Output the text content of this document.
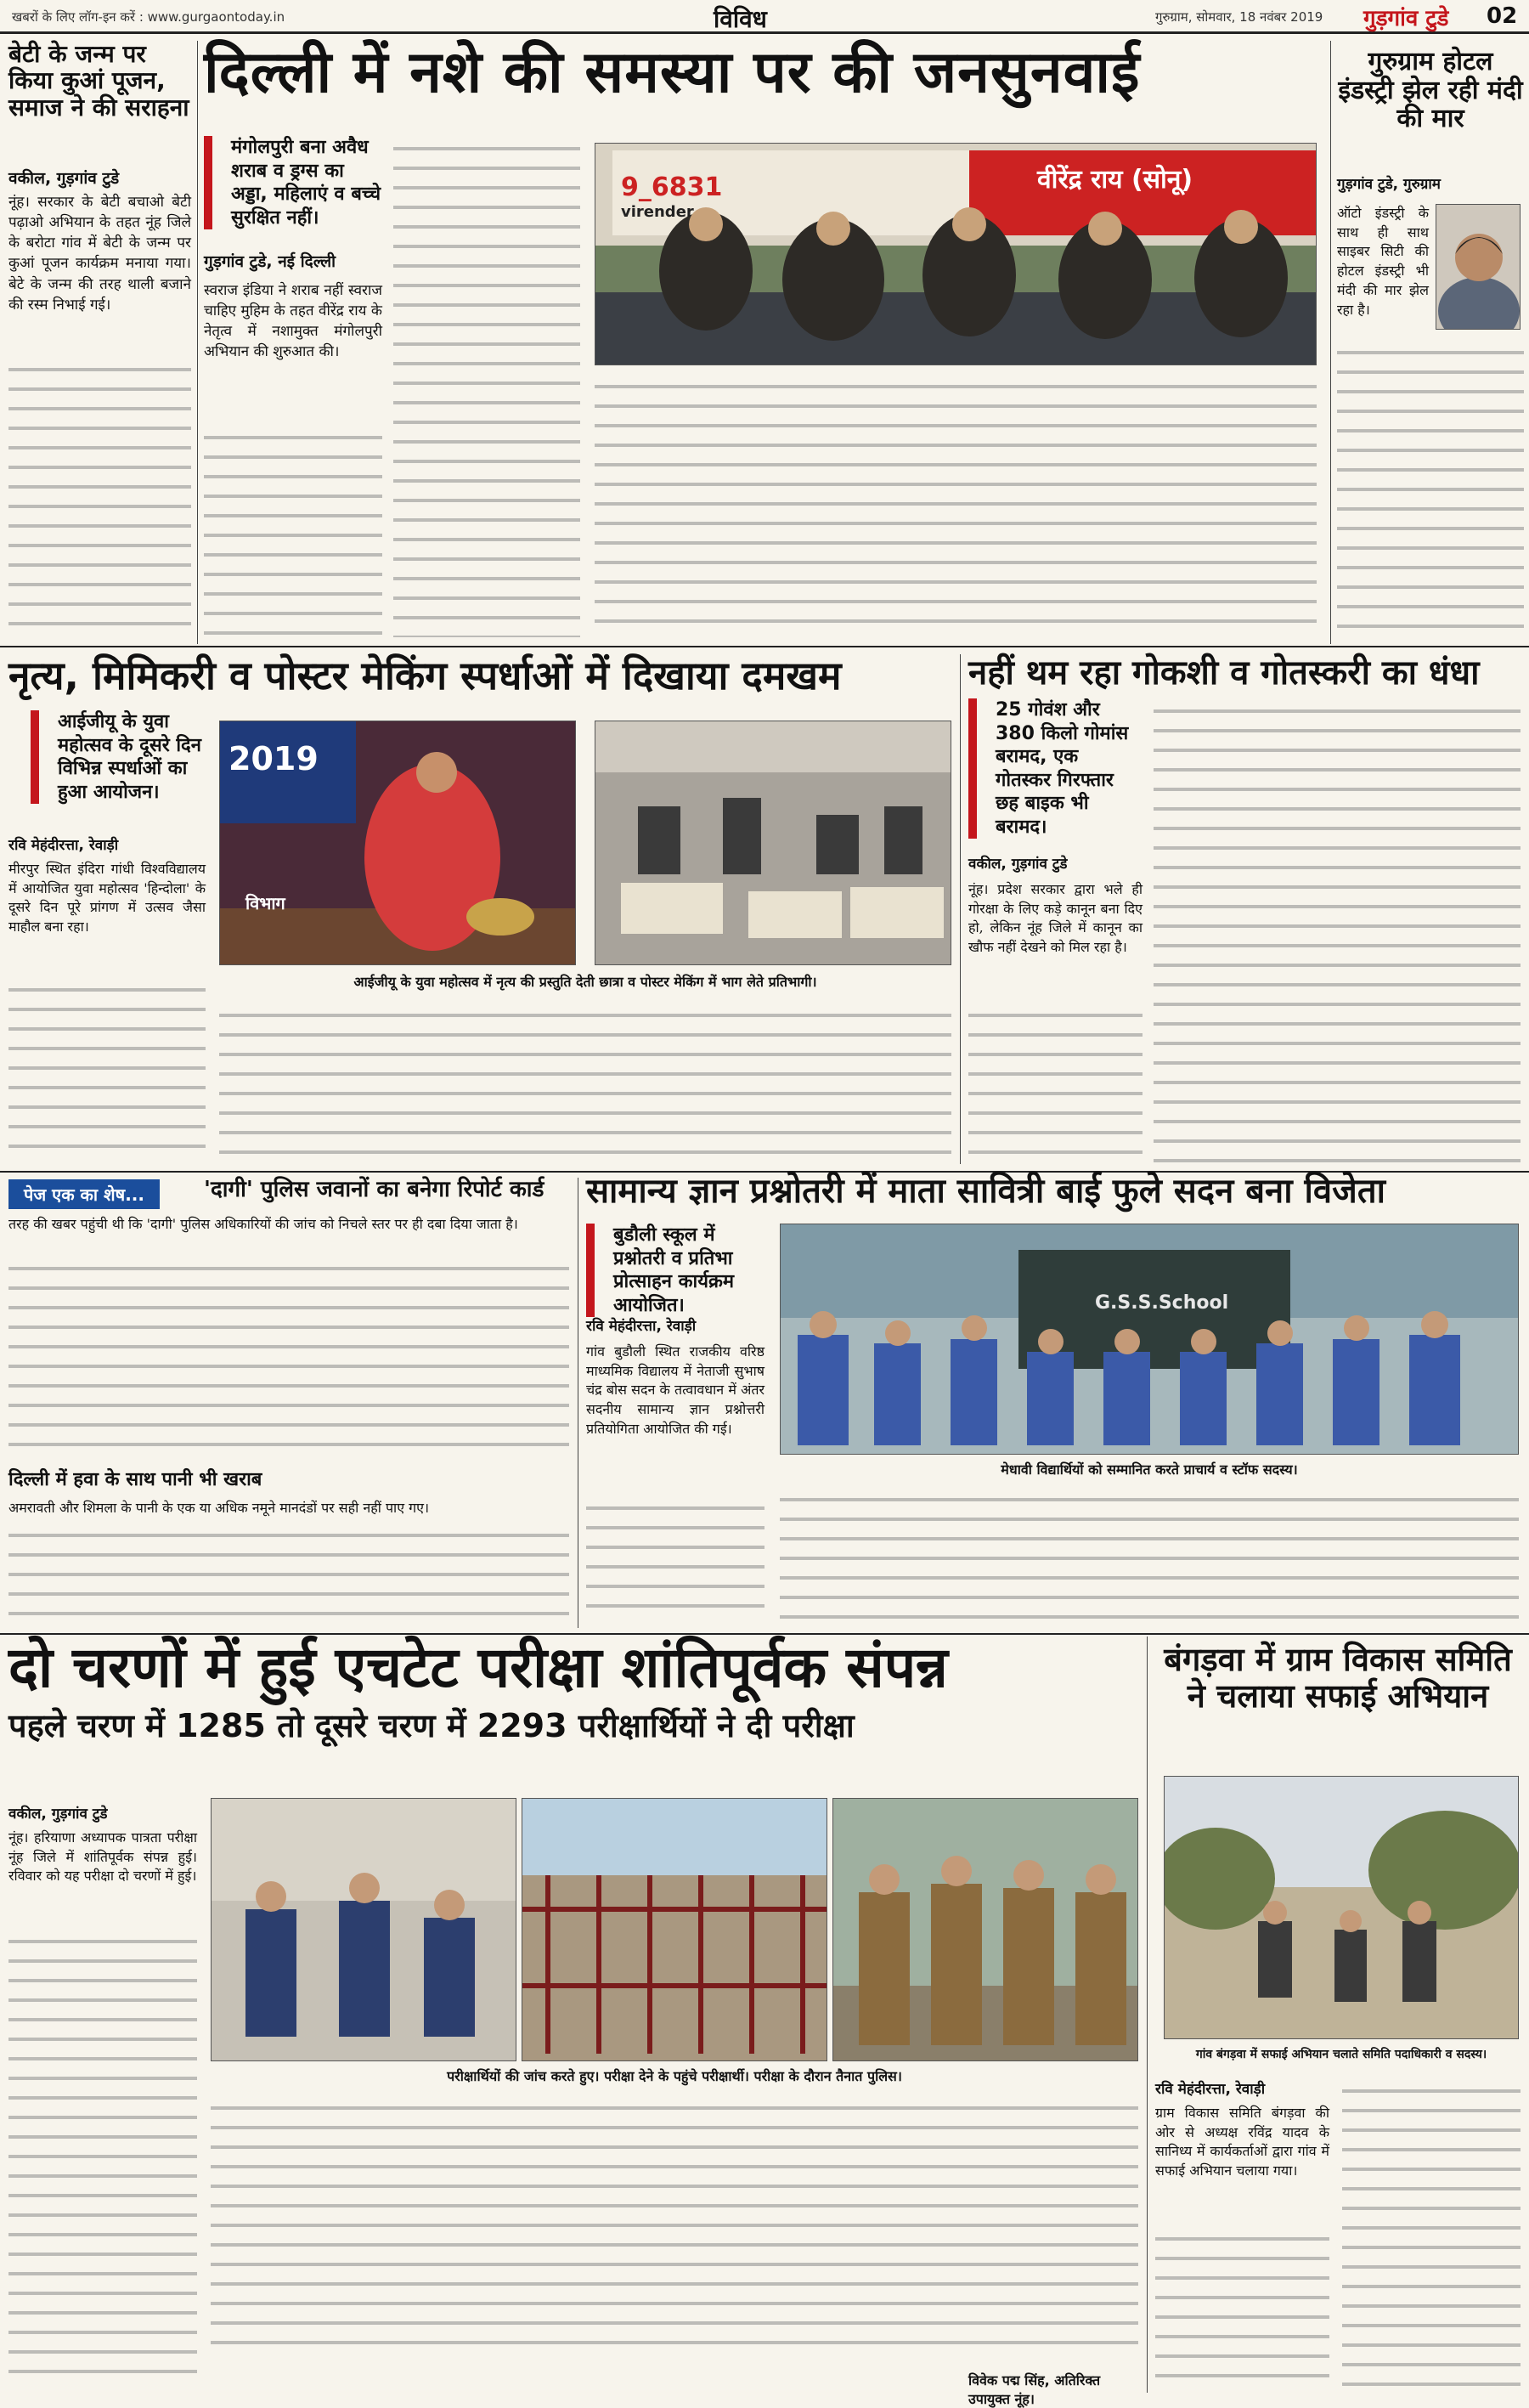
खबरों के लिए लॉग-इन करें : www.gurgaontoday.in	विविध	गुरुग्राम, सोमवार, 18 नवंबर 2019 गुड़गांव टुडे 02
बेटी के जन्म पर किया कुआं पूजन, समाज ने की सराहना
वकील, गुड़गांव टुडे
नूंह। सरकार के बेटी बचाओ बेटी पढ़ाओ अभियान के तहत नूंह जिले के बरोटा गांव में बेटी के जन्म पर कुआं पूजन कार्यक्रम मनाया गया। बेटे के जन्म की तरह थाली बजाने की रस्म निभाई गई।
दिल्ली में नशे की समस्या पर की जनसुनवाई
मंगोलपुरी बना अवैध शराब व ड्रग्स का अड्डा, महिलाएं व बच्चे सुरक्षित नहीं।
गुड़गांव टुडे, नई दिल्ली
स्वराज इंडिया ने शराब नहीं स्वराज चाहिए मुहिम के तहत वीरेंद्र राय के नेतृत्व में नशामुक्त मंगोलपुरी अभियान की शुरुआत की।
9_6831
virender
वीरेंद्र राय (सोनू)
गुरुग्राम होटल इंडस्ट्री झेल रही मंदी की मार
गुड़गांव टुडे, गुरुग्राम
ऑटो इंडस्ट्री के साथ ही साथ साइबर सिटी की होटल इंडस्ट्री भी मंदी की मार झेल रहा है।
नृत्य, मिमिकरी व पोस्टर मेकिंग स्पर्धाओं में दिखाया दमखम
आईजीयू के युवा महोत्सव के दूसरे दिन विभिन्न स्पर्धाओं का हुआ आयोजन।
रवि मेहंदीरत्ता, रेवाड़ी
मीरपुर स्थित इंदिरा गांधी विश्वविद्यालय में आयोजित युवा महोत्सव 'हिन्दोला' के दूसरे दिन पूरे प्रांगण में उत्सव जैसा माहौल बना रहा।
2019
विभाग
आईजीयू के युवा महोत्सव में नृत्य की प्रस्तुति देती छात्रा व पोस्टर मेकिंग में भाग लेते प्रतिभागी।
नहीं थम रहा गोकशी व गोतस्करी का धंधा
25 गोवंश और 380 किलो गोमांस बरामद, एक गोतस्कर गिरफ्तार छह बाइक भी बरामद।
वकील, गुड़गांव टुडे
नूंह। प्रदेश सरकार द्वारा भले ही गोरक्षा के लिए कड़े कानून बना दिए हो, लेकिन नूंह जिले में कानून का खौफ नहीं देखने को मिल रहा है।
पेज एक का शेष...	'दागी' पुलिस जवानों का बनेगा रिपोर्ट कार्ड
तरह की खबर पहुंची थी कि 'दागी' पुलिस अधिकारियों की जांच को निचले स्तर पर ही दबा दिया जाता है।
दिल्ली में हवा के साथ पानी भी खराब
अमरावती और शिमला के पानी के एक या अधिक नमूने मानदंडों पर सही नहीं पाए गए।
सामान्य ज्ञान प्रश्नोतरी में माता सावित्री बाई फुले सदन बना विजेता
बुडौली स्कूल में प्रश्नोतरी व प्रतिभा प्रोत्साहन कार्यक्रम आयोजित।
रवि मेहंदीरत्ता, रेवाड़ी
गांव बुडौली स्थित राजकीय वरिष्ठ माध्यमिक विद्यालय में नेताजी सुभाष चंद्र बोस सदन के तत्वावधान में अंतर सदनीय सामान्य ज्ञान प्रश्नोत्तरी प्रतियोगिता आयोजित की गई।
G.S.S.School
मेधावी विद्यार्थियों को सम्मानित करते प्राचार्य व स्टॉफ सदस्य।
दो चरणों में हुई एचटेट परीक्षा शांतिपूर्वक संपन्न
पहले चरण में 1285 तो दूसरे चरण में 2293 परीक्षार्थियों ने दी परीक्षा
वकील, गुड़गांव टुडे
नूंह। हरियाणा अध्यापक पात्रता परीक्षा नूंह जिले में शांतिपूर्वक संपन्न हुई। रविवार को यह परीक्षा दो चरणों में हुई।
परीक्षार्थियों की जांच करते हुए। परीक्षा देने के पहुंचे परीक्षार्थी। परीक्षा के दौरान तैनात पुलिस।
विवेक पद्म सिंह, अतिरिक्त उपायुक्त नूंह।
बंगड़वा में ग्राम विकास समिति ने चलाया सफाई अभियान
गांव बंगड़वा में सफाई अभियान चलाते समिति पदाधिकारी व सदस्य।
रवि मेहंदीरत्ता, रेवाड़ी
ग्राम विकास समिति बंगड़वा की ओर से अध्यक्ष रविंद्र यादव के सानिध्य में कार्यकर्ताओं द्वारा गांव में सफाई अभियान चलाया गया।
